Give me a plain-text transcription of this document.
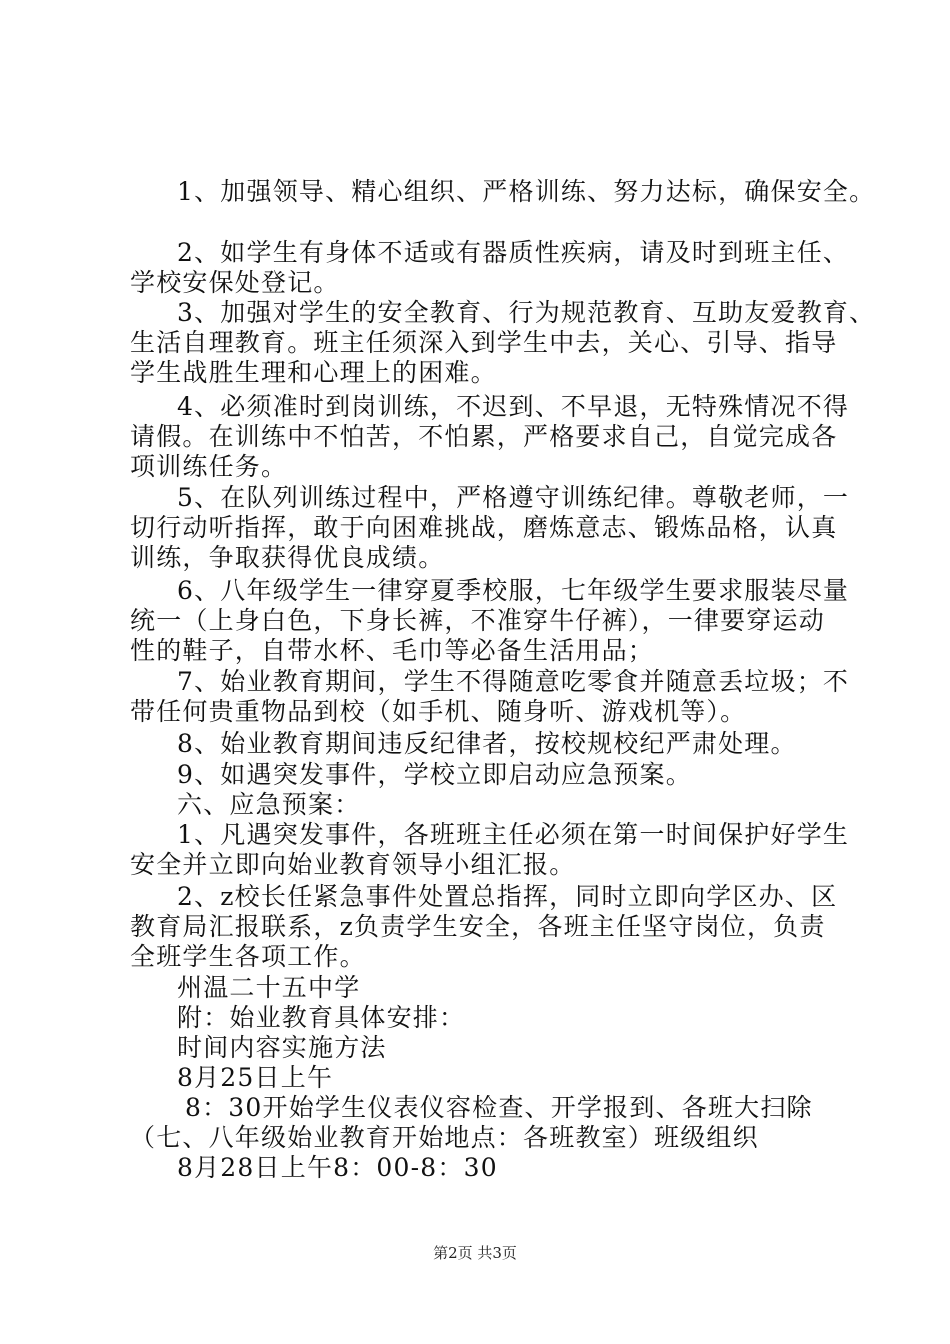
1、加强领导、精心组织、严格训练、努力达标，确保安全。
2、如学生有身体不适或有器质性疾病，请及时到班主任、
学校安保处登记。
3、加强对学生的安全教育、行为规范教育、互助友爱教育、
生活自理教育。班主任须深入到学生中去，关心、引导、指导
学生战胜生理和心理上的困难。
4、必须准时到岗训练，不迟到、不早退，无特殊情况不得
请假。在训练中不怕苦，不怕累，严格要求自己，自觉完成各
项训练任务。
5、在队列训练过程中，严格遵守训练纪律。尊敬老师，一
切行动听指挥，敢于向困难挑战，磨炼意志、锻炼品格，认真
训练，争取获得优良成绩。
6、八年级学生一律穿夏季校服，七年级学生要求服装尽量
统一（上身白色，下身长裤，不准穿牛仔裤），一律要穿运动
性的鞋子，自带水杯、毛巾等必备生活用品；
7、始业教育期间，学生不得随意吃零食并随意丢垃圾；不
带任何贵重物品到校（如手机、随身听、游戏机等）。
8、始业教育期间违反纪律者，按校规校纪严肃处理。
9、如遇突发事件，学校立即启动应急预案。
六、应急预案：
1、凡遇突发事件，各班班主任必须在第一时间保护好学生
安全并立即向始业教育领导小组汇报。
2、z校长任紧急事件处置总指挥，同时立即向学区办、区
教育局汇报联系，z负责学生安全，各班主任坚守岗位，负责
全班学生各项工作。
州温二十五中学
附：始业教育具体安排：
时间内容实施方法
8月25日上午
8：30开始学生仪表仪容检查、开学报到、各班大扫除
（七、八年级始业教育开始地点：各班教室）班级组织
8月28日上午8：00-8：30
第2页 共3页
